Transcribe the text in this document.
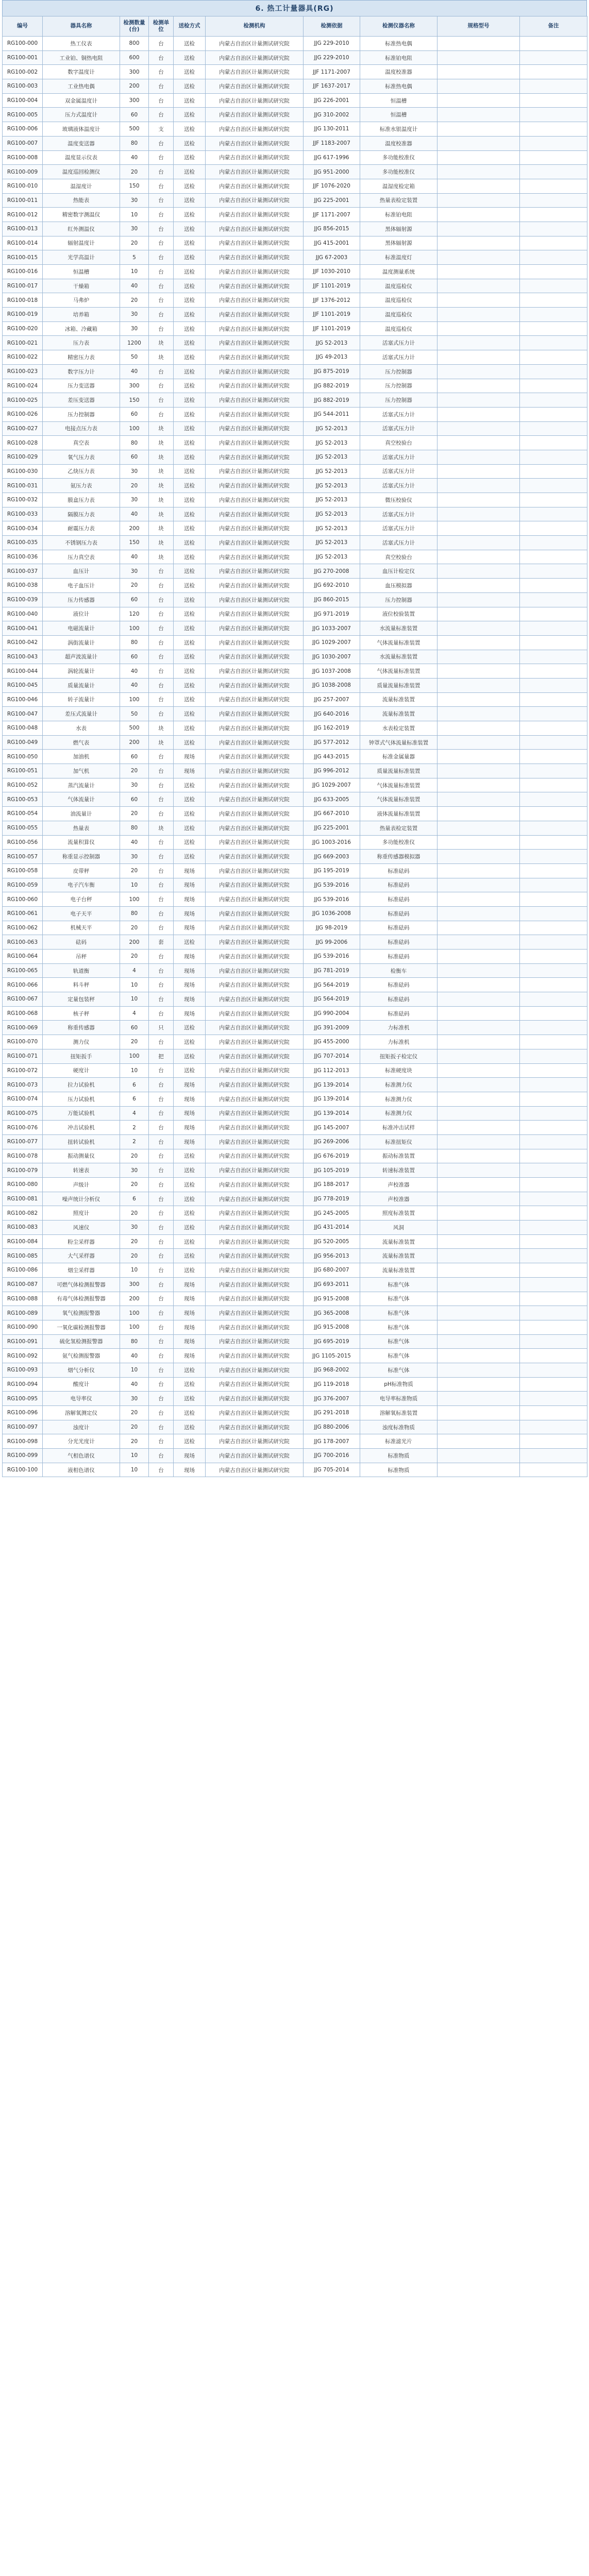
6. 热工计量器具(RG)
编号	器具名称	检测数量(台)	检测单位	送检方式	检测机构	检测依据	检测仪器名称	规格型号	备注
RG100-000	热工仪表	800	台	送检	内蒙古自治区计量测试研究院	JJG 229-2010	标准热电偶		
RG100-001	工业铂、铜热电阻	600	台	送检	内蒙古自治区计量测试研究院	JJG 229-2010	标准铂电阻		
RG100-002	数字温度计	300	台	送检	内蒙古自治区计量测试研究院	JJF 1171-2007	温度校准器		
RG100-003	工业热电偶	200	台	送检	内蒙古自治区计量测试研究院	JJF 1637-2017	标准热电偶		
RG100-004	双金属温度计	300	台	送检	内蒙古自治区计量测试研究院	JJG 226-2001	恒温槽		
RG100-005	压力式温度计	60	台	送检	内蒙古自治区计量测试研究院	JJG 310-2002	恒温槽		
RG100-006	玻璃液体温度计	500	支	送检	内蒙古自治区计量测试研究院	JJG 130-2011	标准水银温度计		
RG100-007	温度变送器	80	台	送检	内蒙古自治区计量测试研究院	JJF 1183-2007	温度校准器		
RG100-008	温度显示仪表	40	台	送检	内蒙古自治区计量测试研究院	JJG 617-1996	多功能校准仪		
RG100-009	温度巡回检测仪	20	台	送检	内蒙古自治区计量测试研究院	JJG 951-2000	多功能校准仪		
RG100-010	温湿度计	150	台	送检	内蒙古自治区计量测试研究院	JJF 1076-2020	温湿度检定箱		
RG100-011	热能表	30	台	送检	内蒙古自治区计量测试研究院	JJG 225-2001	热量表检定装置		
RG100-012	精密数字测温仪	10	台	送检	内蒙古自治区计量测试研究院	JJF 1171-2007	标准铂电阻		
RG100-013	红外测温仪	30	台	送检	内蒙古自治区计量测试研究院	JJG 856-2015	黑体辐射源		
RG100-014	辐射温度计	20	台	送检	内蒙古自治区计量测试研究院	JJG 415-2001	黑体辐射源		
RG100-015	光学高温计	5	台	送检	内蒙古自治区计量测试研究院	JJG 67-2003	标准温度灯		
RG100-016	恒温槽	10	台	送检	内蒙古自治区计量测试研究院	JJF 1030-2010	温度测量系统		
RG100-017	干燥箱	40	台	送检	内蒙古自治区计量测试研究院	JJF 1101-2019	温度巡检仪		
RG100-018	马弗炉	20	台	送检	内蒙古自治区计量测试研究院	JJF 1376-2012	温度巡检仪		
RG100-019	培养箱	30	台	送检	内蒙古自治区计量测试研究院	JJF 1101-2019	温度巡检仪		
RG100-020	冰箱、冷藏箱	30	台	送检	内蒙古自治区计量测试研究院	JJF 1101-2019	温度巡检仪		
RG100-021	压力表	1200	块	送检	内蒙古自治区计量测试研究院	JJG 52-2013	活塞式压力计		
RG100-022	精密压力表	50	块	送检	内蒙古自治区计量测试研究院	JJG 49-2013	活塞式压力计		
RG100-023	数字压力计	40	台	送检	内蒙古自治区计量测试研究院	JJG 875-2019	压力控制器		
RG100-024	压力变送器	300	台	送检	内蒙古自治区计量测试研究院	JJG 882-2019	压力控制器		
RG100-025	差压变送器	150	台	送检	内蒙古自治区计量测试研究院	JJG 882-2019	压力控制器		
RG100-026	压力控制器	60	台	送检	内蒙古自治区计量测试研究院	JJG 544-2011	活塞式压力计		
RG100-027	电接点压力表	100	块	送检	内蒙古自治区计量测试研究院	JJG 52-2013	活塞式压力计		
RG100-028	真空表	80	块	送检	内蒙古自治区计量测试研究院	JJG 52-2013	真空校验台		
RG100-029	氧气压力表	60	块	送检	内蒙古自治区计量测试研究院	JJG 52-2013	活塞式压力计		
RG100-030	乙炔压力表	30	块	送检	内蒙古自治区计量测试研究院	JJG 52-2013	活塞式压力计		
RG100-031	氨压力表	20	块	送检	内蒙古自治区计量测试研究院	JJG 52-2013	活塞式压力计		
RG100-032	膜盒压力表	30	块	送检	内蒙古自治区计量测试研究院	JJG 52-2013	微压校验仪		
RG100-033	隔膜压力表	40	块	送检	内蒙古自治区计量测试研究院	JJG 52-2013	活塞式压力计		
RG100-034	耐震压力表	200	块	送检	内蒙古自治区计量测试研究院	JJG 52-2013	活塞式压力计		
RG100-035	不锈钢压力表	150	块	送检	内蒙古自治区计量测试研究院	JJG 52-2013	活塞式压力计		
RG100-036	压力真空表	40	块	送检	内蒙古自治区计量测试研究院	JJG 52-2013	真空校验台		
RG100-037	血压计	30	台	送检	内蒙古自治区计量测试研究院	JJG 270-2008	血压计检定仪		
RG100-038	电子血压计	20	台	送检	内蒙古自治区计量测试研究院	JJG 692-2010	血压模拟器		
RG100-039	压力传感器	60	台	送检	内蒙古自治区计量测试研究院	JJG 860-2015	压力控制器		
RG100-040	液位计	120	台	送检	内蒙古自治区计量测试研究院	JJG 971-2019	液位校验装置		
RG100-041	电磁流量计	100	台	送检	内蒙古自治区计量测试研究院	JJG 1033-2007	水流量标准装置		
RG100-042	涡街流量计	80	台	送检	内蒙古自治区计量测试研究院	JJG 1029-2007	气体流量标准装置		
RG100-043	超声波流量计	60	台	送检	内蒙古自治区计量测试研究院	JJG 1030-2007	水流量标准装置		
RG100-044	涡轮流量计	40	台	送检	内蒙古自治区计量测试研究院	JJG 1037-2008	气体流量标准装置		
RG100-045	质量流量计	40	台	送检	内蒙古自治区计量测试研究院	JJG 1038-2008	质量流量标准装置		
RG100-046	转子流量计	100	台	送检	内蒙古自治区计量测试研究院	JJG 257-2007	流量标准装置		
RG100-047	差压式流量计	50	台	送检	内蒙古自治区计量测试研究院	JJG 640-2016	流量标准装置		
RG100-048	水表	500	块	送检	内蒙古自治区计量测试研究院	JJG 162-2019	水表检定装置		
RG100-049	燃气表	200	块	送检	内蒙古自治区计量测试研究院	JJG 577-2012	钟罩式气体流量标准装置		
RG100-050	加油机	60	台	现场	内蒙古自治区计量测试研究院	JJG 443-2015	标准金属量器		
RG100-051	加气机	20	台	现场	内蒙古自治区计量测试研究院	JJG 996-2012	质量流量标准装置		
RG100-052	蒸汽流量计	30	台	送检	内蒙古自治区计量测试研究院	JJG 1029-2007	气体流量标准装置		
RG100-053	气体流量计	60	台	送检	内蒙古自治区计量测试研究院	JJG 633-2005	气体流量标准装置		
RG100-054	油流量计	20	台	送检	内蒙古自治区计量测试研究院	JJG 667-2010	液体流量标准装置		
RG100-055	热量表	80	块	送检	内蒙古自治区计量测试研究院	JJG 225-2001	热量表检定装置		
RG100-056	流量积算仪	40	台	送检	内蒙古自治区计量测试研究院	JJG 1003-2016	多功能校准仪		
RG100-057	称重显示控制器	30	台	送检	内蒙古自治区计量测试研究院	JJG 669-2003	称重传感器模拟器		
RG100-058	皮带秤	20	台	现场	内蒙古自治区计量测试研究院	JJG 195-2019	标准砝码		
RG100-059	电子汽车衡	10	台	现场	内蒙古自治区计量测试研究院	JJG 539-2016	标准砝码		
RG100-060	电子台秤	100	台	现场	内蒙古自治区计量测试研究院	JJG 539-2016	标准砝码		
RG100-061	电子天平	80	台	现场	内蒙古自治区计量测试研究院	JJG 1036-2008	标准砝码		
RG100-062	机械天平	20	台	现场	内蒙古自治区计量测试研究院	JJG 98-2019	标准砝码		
RG100-063	砝码	200	套	送检	内蒙古自治区计量测试研究院	JJG 99-2006	标准砝码		
RG100-064	吊秤	20	台	现场	内蒙古自治区计量测试研究院	JJG 539-2016	标准砝码		
RG100-065	轨道衡	4	台	现场	内蒙古自治区计量测试研究院	JJG 781-2019	检衡车		
RG100-066	料斗秤	10	台	现场	内蒙古自治区计量测试研究院	JJG 564-2019	标准砝码		
RG100-067	定量包装秤	10	台	现场	内蒙古自治区计量测试研究院	JJG 564-2019	标准砝码		
RG100-068	核子秤	4	台	现场	内蒙古自治区计量测试研究院	JJG 990-2004	标准砝码		
RG100-069	称重传感器	60	只	送检	内蒙古自治区计量测试研究院	JJG 391-2009	力标准机		
RG100-070	测力仪	20	台	送检	内蒙古自治区计量测试研究院	JJG 455-2000	力标准机		
RG100-071	扭矩扳手	100	把	送检	内蒙古自治区计量测试研究院	JJG 707-2014	扭矩扳子检定仪		
RG100-072	硬度计	10	台	送检	内蒙古自治区计量测试研究院	JJG 112-2013	标准硬度块		
RG100-073	拉力试验机	6	台	现场	内蒙古自治区计量测试研究院	JJG 139-2014	标准测力仪		
RG100-074	压力试验机	6	台	现场	内蒙古自治区计量测试研究院	JJG 139-2014	标准测力仪		
RG100-075	万能试验机	4	台	现场	内蒙古自治区计量测试研究院	JJG 139-2014	标准测力仪		
RG100-076	冲击试验机	2	台	现场	内蒙古自治区计量测试研究院	JJG 145-2007	标准冲击试样		
RG100-077	扭转试验机	2	台	现场	内蒙古自治区计量测试研究院	JJG 269-2006	标准扭矩仪		
RG100-078	振动测量仪	20	台	送检	内蒙古自治区计量测试研究院	JJG 676-2019	振动标准装置		
RG100-079	转速表	30	台	送检	内蒙古自治区计量测试研究院	JJG 105-2019	转速标准装置		
RG100-080	声级计	20	台	送检	内蒙古自治区计量测试研究院	JJG 188-2017	声校准器		
RG100-081	噪声统计分析仪	6	台	送检	内蒙古自治区计量测试研究院	JJG 778-2019	声校准器		
RG100-082	照度计	20	台	送检	内蒙古自治区计量测试研究院	JJG 245-2005	照度标准装置		
RG100-083	风速仪	30	台	送检	内蒙古自治区计量测试研究院	JJG 431-2014	风洞		
RG100-084	粉尘采样器	20	台	送检	内蒙古自治区计量测试研究院	JJG 520-2005	流量标准装置		
RG100-085	大气采样器	20	台	送检	内蒙古自治区计量测试研究院	JJG 956-2013	流量标准装置		
RG100-086	烟尘采样器	10	台	送检	内蒙古自治区计量测试研究院	JJG 680-2007	流量标准装置		
RG100-087	可燃气体检测报警器	300	台	现场	内蒙古自治区计量测试研究院	JJG 693-2011	标准气体		
RG100-088	有毒气体检测报警器	200	台	现场	内蒙古自治区计量测试研究院	JJG 915-2008	标准气体		
RG100-089	氧气检测报警器	100	台	现场	内蒙古自治区计量测试研究院	JJG 365-2008	标准气体		
RG100-090	一氧化碳检测报警器	100	台	现场	内蒙古自治区计量测试研究院	JJG 915-2008	标准气体		
RG100-091	硫化氢检测报警器	80	台	现场	内蒙古自治区计量测试研究院	JJG 695-2019	标准气体		
RG100-092	氨气检测报警器	40	台	现场	内蒙古自治区计量测试研究院	JJG 1105-2015	标准气体		
RG100-093	烟气分析仪	10	台	送检	内蒙古自治区计量测试研究院	JJG 968-2002	标准气体		
RG100-094	酸度计	40	台	送检	内蒙古自治区计量测试研究院	JJG 119-2018	pH标准物质		
RG100-095	电导率仪	30	台	送检	内蒙古自治区计量测试研究院	JJG 376-2007	电导率标准物质		
RG100-096	溶解氧测定仪	20	台	送检	内蒙古自治区计量测试研究院	JJG 291-2018	溶解氧标准装置		
RG100-097	浊度计	20	台	送检	内蒙古自治区计量测试研究院	JJG 880-2006	浊度标准物质		
RG100-098	分光光度计	20	台	送检	内蒙古自治区计量测试研究院	JJG 178-2007	标准滤光片		
RG100-099	气相色谱仪	10	台	现场	内蒙古自治区计量测试研究院	JJG 700-2016	标准物质		
RG100-100	液相色谱仪	10	台	现场	内蒙古自治区计量测试研究院	JJG 705-2014	标准物质		
